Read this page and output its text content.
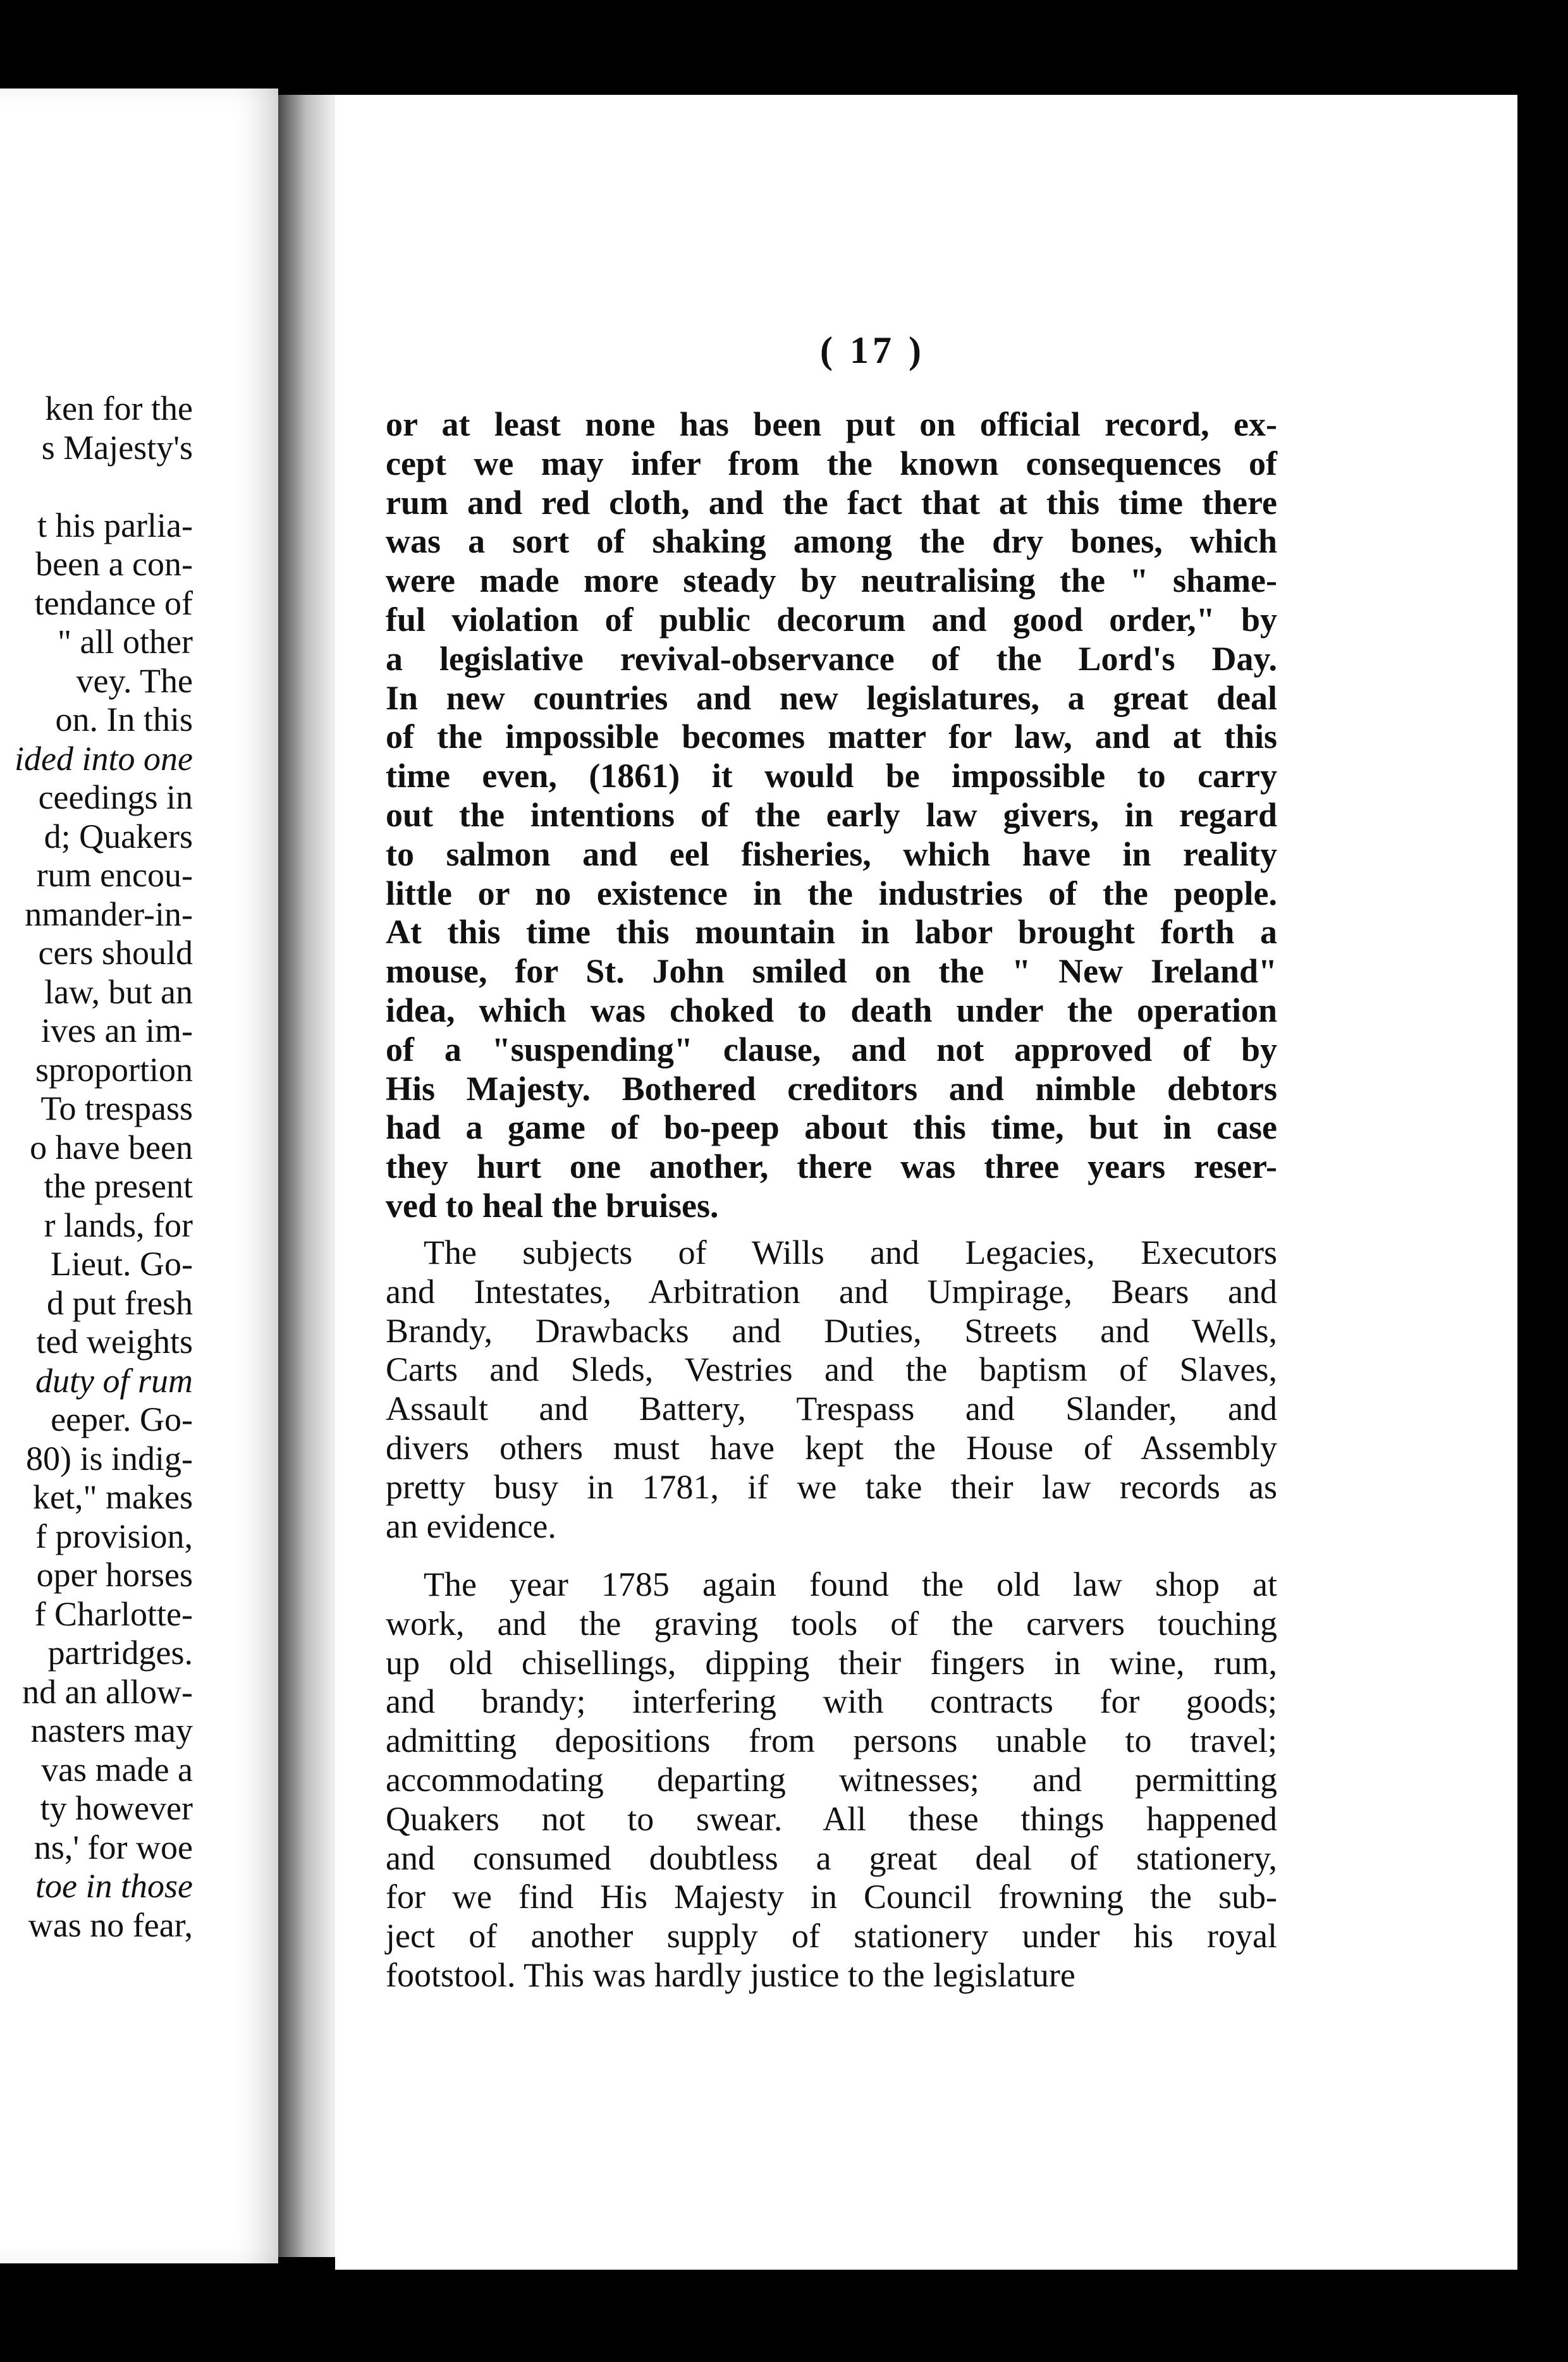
ken for the
s Majesty's
t his parlia-
been a con-
tendance of
" all other
vey. The
on. In this
ided into one
ceedings in
d; Quakers
rum encou-
nmander-in-
cers should
law, but an
ives an im-
sproportion
To trespass
o have been
the present
r lands, for
Lieut. Go-
d put fresh
ted weights
duty of rum
eeper. Go-
80) is indig-
ket," makes
f provision,
oper horses
f Charlotte-
partridges.
nd an allow-
nasters may
vas made a
ty however
ns,' for woe
toe in those
was no fear,
( 17 )
or at least none has been put on official record, ex-
cept we may infer from the known consequences of
rum and red cloth, and the fact that at this time there
was a sort of shaking among the dry bones, which
were made more steady by neutralising the " shame-
ful violation of public decorum and good order," by
a legislative revival-observance of the Lord's Day.
In new countries and new legislatures, a great deal
of the impossible becomes matter for law, and at this
time even, (1861) it would be impossible to carry
out the intentions of the early law givers, in regard
to salmon and eel fisheries, which have in reality
little or no existence in the industries of the people.
At this time this mountain in labor brought forth a
mouse, for St. John smiled on the " New Ireland"
idea, which was choked to death under the operation
of a "suspending" clause, and not approved of by
His Majesty. Bothered creditors and nimble debtors
had a game of bo-peep about this time, but in case
they hurt one another, there was three years reser-
ved to heal the bruises.
The subjects of Wills and Legacies, Executors
and Intestates, Arbitration and Umpirage, Bears and
Brandy, Drawbacks and Duties, Streets and Wells,
Carts and Sleds, Vestries and the baptism of Slaves,
Assault and Battery, Trespass and Slander, and
divers others must have kept the House of Assembly
pretty busy in 1781, if we take their law records as
an evidence.
The year 1785 again found the old law shop at
work, and the graving tools of the carvers touching
up old chisellings, dipping their fingers in wine, rum,
and brandy; interfering with contracts for goods;
admitting depositions from persons unable to travel;
accommodating departing witnesses; and permitting
Quakers not to swear. All these things happened
and consumed doubtless a great deal of stationery,
for we find His Majesty in Council frowning the sub-
ject of another supply of stationery under his royal
footstool. This was hardly justice to the legislature
